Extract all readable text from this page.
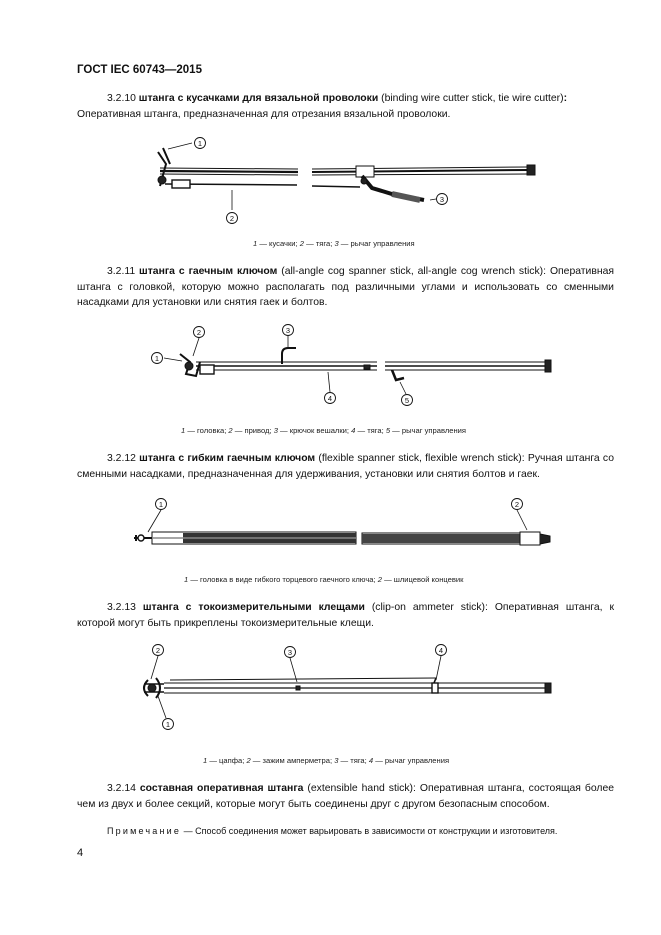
ГОСТ IEC 60743—2015
3.2.10 штанга с кусачками для вязальной проволоки (binding wire cutter stick, tie wire cutter):
Оперативная штанга, предназначенная для отрезания вязальной проволоки.
1
2
3
1 — кусачки; 2 — тяга; 3 — рычаг управления
3.2.11 штанга с гаечным ключом (all-angle cog spanner stick, all-angle cog wrench stick): Оперативная штанга с головкой, которую можно располагать под различными углами и использовать со сменными насадками для установки или снятия гаек и болтов.
1
2	3
4	5
1 — головка; 2 — привод; 3 — крючок вешалки; 4 — тяга; 5 — рычаг управления
3.2.12 штанга с гибким гаечным ключом (flexible spanner stick, flexible wrench stick): Ручная штанга со сменными насадками, предназначенная для удерживания, установки или снятия болтов и гаек.
1	2
1 — головка в виде гибкого торцевого гаечного ключа; 2 — шлицевой концевик
3.2.13 штанга с токоизмерительными клещами (clip-on ammeter stick): Оперативная штанга, к которой могут быть прикреплены токоизмерительные клещи.
2	3	4
1
1 — цапфа; 2 — зажим амперметра; 3 — тяга; 4 — рычаг управления
3.2.14 составная оперативная штанга (extensible hand stick): Оперативная штанга, состоящая более чем из двух и более секций, которые могут быть соединены друг с другом безопасным способом.
Примечание — Способ соединения может варьировать в зависимости от конструкции и изготовителя.
4
